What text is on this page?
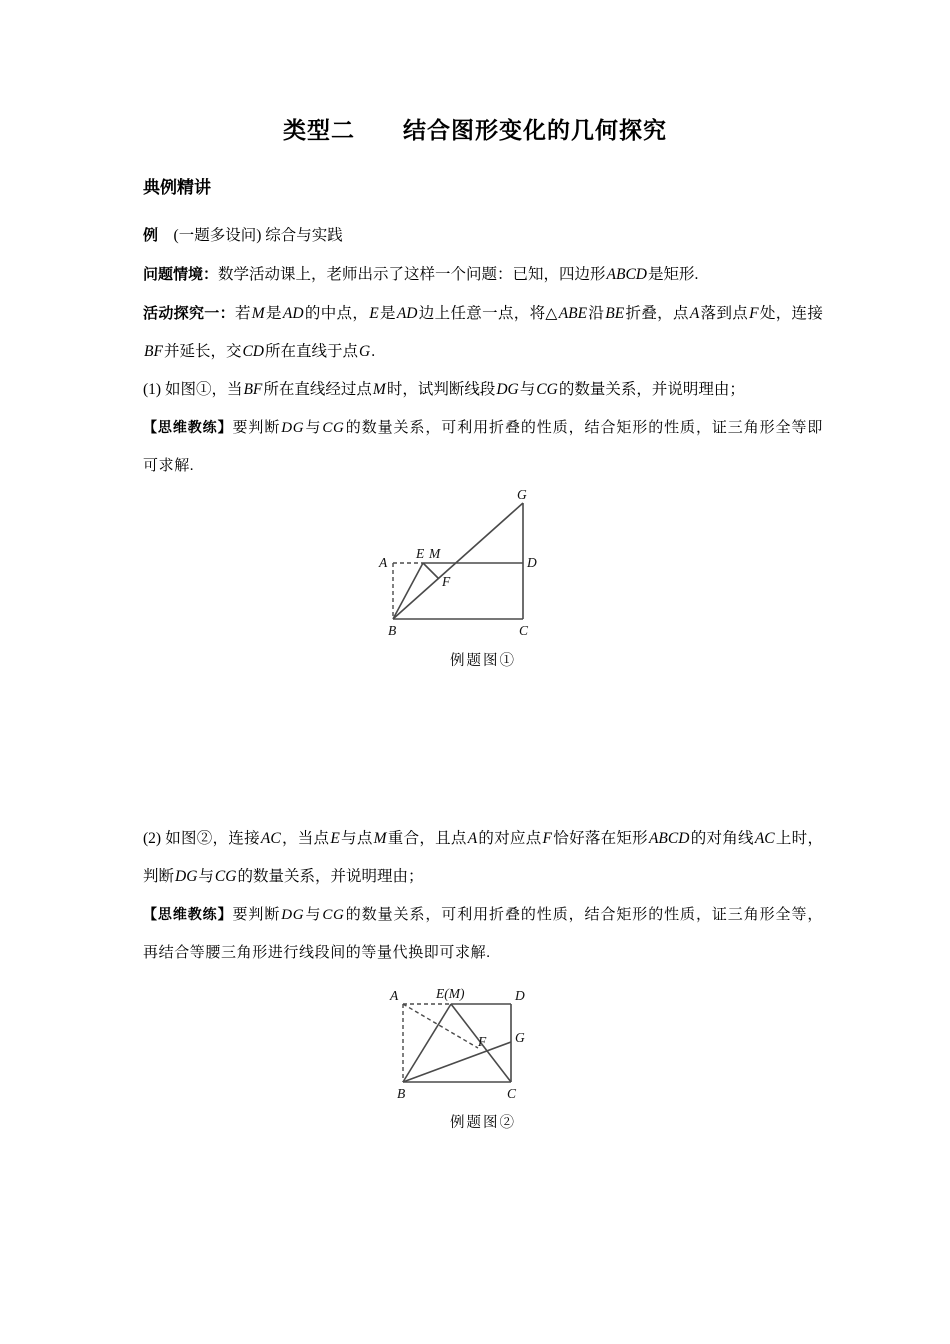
类型二　　 结合图形变化的几何探究
典例精讲

例　 (一题多设问) 综合与实践

问题情境：数学活动课上，老师出示了这样一个问题：已知，四边形ABCD是矩形.

活动探究一：若M是AD的中点，E是AD边上任意一点，将△ABE沿BE折叠，点A落到点F处，连接BF并延长，交CD所在直线于点G.

(1) 如图①，当BF所在直线经过点M时，试判断线段DG与CG的数量关系，并说明理由；

【思维教练】要判断DG与CG的数量关系，可利用折叠的性质，结合矩形的性质，证三角形全等即可求解.

A
B	C
D
E
F
G
M
例题图①

(2) 如图②，连接AC，当点E与点M重合，且点A的对应点F恰好落在矩形ABCD的对角线AC上时，判断DG与CG的数量关系，并说明理由；

【思维教练】要判断DG与CG的数量关系，可利用折叠的性质，结合矩形的性质，证三角形全等，再结合等腰三角形进行线段间的等量代换即可求解.

A
B	C
D
E(M)
F G
例题图②
